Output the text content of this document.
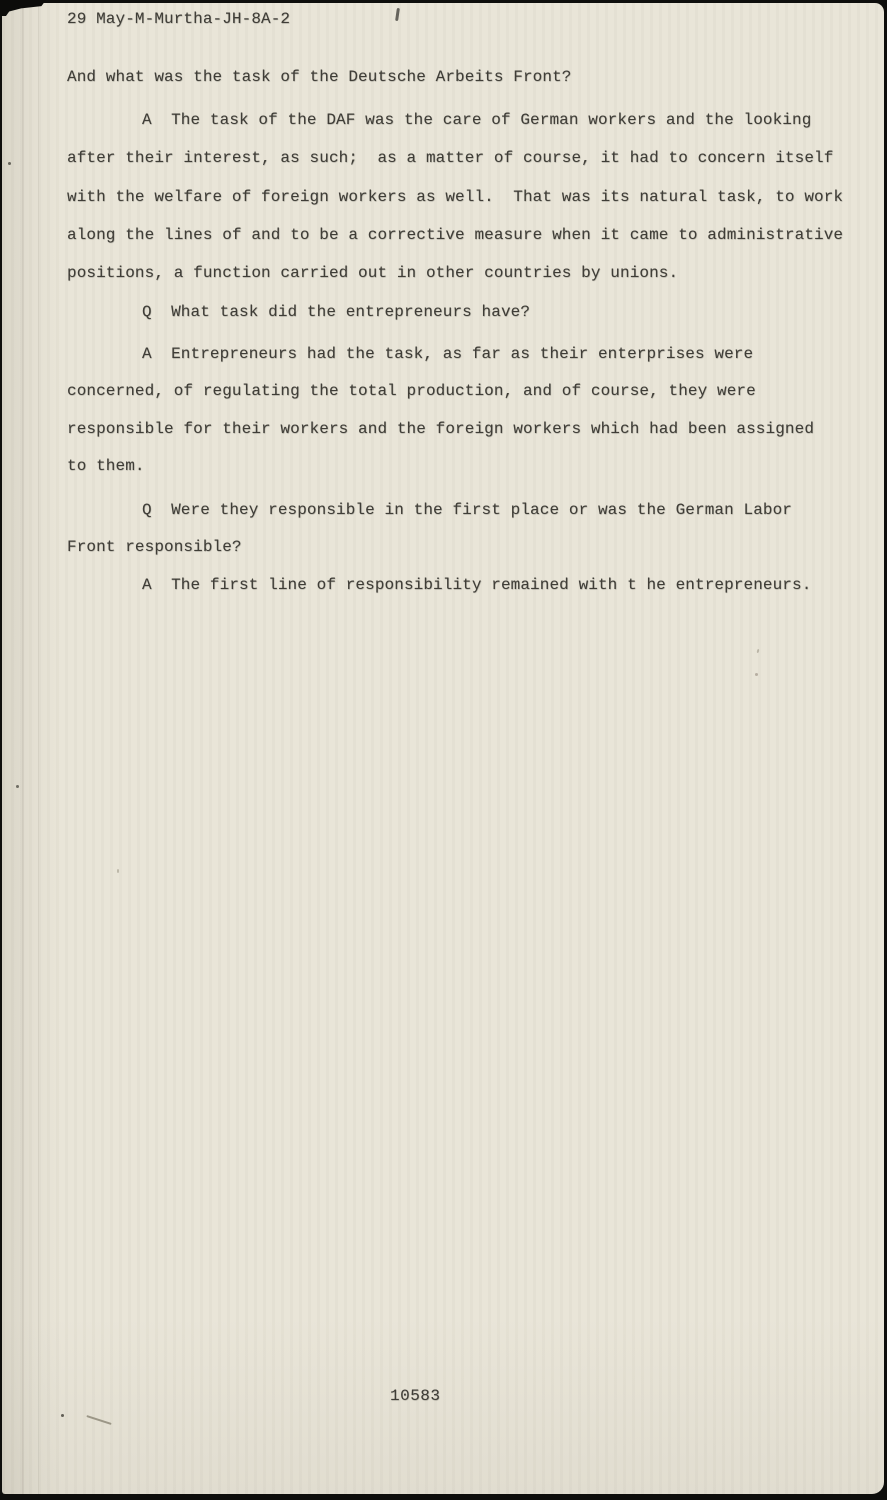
29 May-M-Murtha-JH-8A-2
And what was the task of the Deutsche Arbeits Front?
A  The task of the DAF was the care of German workers and the looking
after their interest, as such;  as a matter of course, it had to concern itself
with the welfare of foreign workers as well.  That was its natural task, to work
along the lines of and to be a corrective measure when it came to administrative
positions, a function carried out in other countries by unions.
Q  What task did the entrepreneurs have?
A  Entrepreneurs had the task, as far as their enterprises were
concerned, of regulating the total production, and of course, they were
responsible for their workers and the foreign workers which had been assigned
to them.
Q  Were they responsible in the first place or was the German Labor
Front responsible?
A  The first line of responsibility remained with t he entrepreneurs.
10583
